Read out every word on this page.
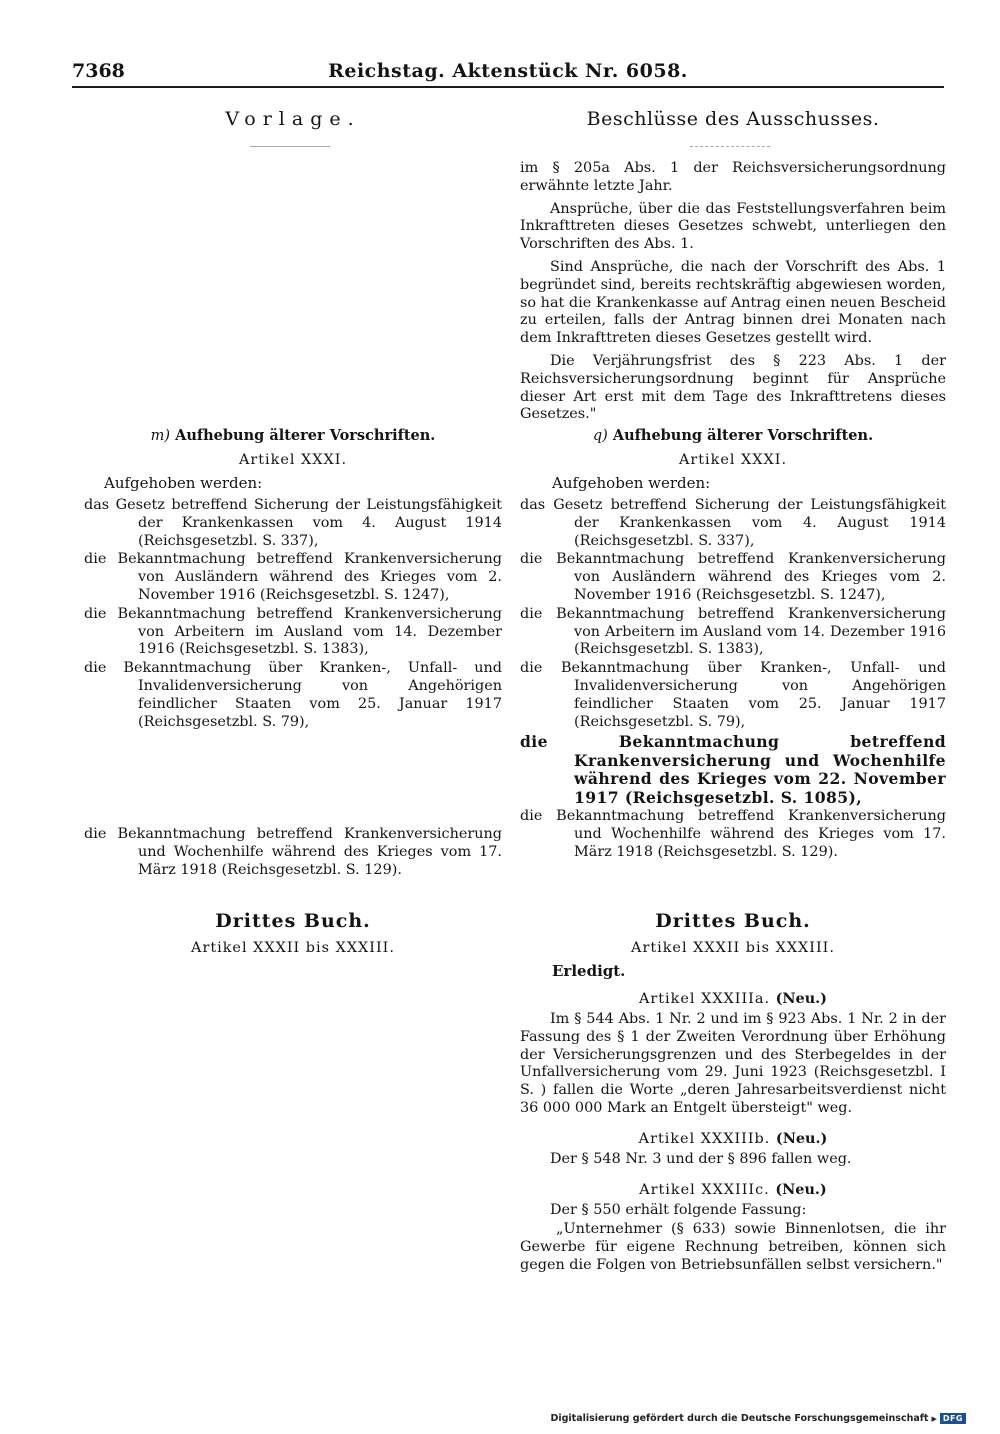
7368	Reichstag. Aktenstück Nr. 6058.
Vorlage.	Beschlüsse des Ausschusses.

im § 205a Abs. 1 der Reichsversicherungsordnung erwähnte letzte Jahr.

Ansprüche, über die das Feststellungsverfahren beim Inkrafttreten dieses Gesetzes schwebt, unterliegen den Vorschriften des Abs. 1.

Sind Ansprüche, die nach der Vorschrift des Abs. 1 begründet sind, bereits rechtskräftig abgewiesen worden, so hat die Krankenkasse auf Antrag einen neuen Bescheid zu erteilen, falls der Antrag binnen drei Monaten nach dem Inkrafttreten dieses Gesetzes gestellt wird.

Die Verjährungsfrist des § 223 Abs. 1 der Reichsversicherungsordnung beginnt für Ansprüche dieser Art erst mit dem Tage des Inkrafttretens dieses Gesetzes."

m) Aufhebung älterer Vorschriften.

Artikel XXXI.

Aufgehoben werden:

das Gesetz betreffend Sicherung der Leistungsfähigkeit der Krankenkassen vom 4. August 1914 (Reichsgesetzbl. S. 337),

die Bekanntmachung betreffend Krankenversicherung von Ausländern während des Krieges vom 2. November 1916 (Reichsgesetzbl. S. 1247),

die Bekanntmachung betreffend Krankenversicherung von Arbeitern im Ausland vom 14. Dezember 1916 (Reichsgesetzbl. S. 1383),

die Bekanntmachung über Kranken-, Unfall- und Invalidenversicherung von Angehörigen feindlicher Staaten vom 25. Januar 1917 (Reichsgesetzbl. S. 79),

die Bekanntmachung betreffend Krankenversicherung und Wochenhilfe während des Krieges vom 17. März 1918 (Reichsgesetzbl. S. 129).

Drittes Buch.

Artikel XXXII bis XXXIII.

q) Aufhebung älterer Vorschriften.

Artikel XXXI.

Aufgehoben werden:

das Gesetz betreffend Sicherung der Leistungsfähigkeit der Krankenkassen vom 4. August 1914 (Reichsgesetzbl. S. 337),

die Bekanntmachung betreffend Krankenversicherung von Ausländern während des Krieges vom 2. November 1916 (Reichsgesetzbl. S. 1247),

die Bekanntmachung betreffend Krankenversicherung von Arbeitern im Ausland vom 14. Dezember 1916 (Reichsgesetzbl. S. 1383),

die Bekanntmachung über Kranken-, Unfall- und Invalidenversicherung von Angehörigen feindlicher Staaten vom 25. Januar 1917 (Reichsgesetzbl. S. 79),

die Bekanntmachung betreffend Krankenversicherung und Wochenhilfe während des Krieges vom 22. November 1917 (Reichsgesetzbl. S. 1085),

die Bekanntmachung betreffend Krankenversicherung und Wochenhilfe während des Krieges vom 17. März 1918 (Reichsgesetzbl. S. 129).

Drittes Buch.

Artikel XXXII bis XXXIII.

Erledigt.

Artikel XXXIIIa. (Neu.)

Im § 544 Abs. 1 Nr. 2 und im § 923 Abs. 1 Nr. 2 in der Fassung des § 1 der Zweiten Verordnung über Erhöhung der Versicherungsgrenzen und des Sterbegeldes in der Unfallversicherung vom 29. Juni 1923 (Reichsgesetzbl. I S. ) fallen die Worte „deren Jahresarbeitsverdienst nicht 36 000 000 Mark an Entgelt übersteigt" weg.

Artikel XXXIIIb. (Neu.)

Der § 548 Nr. 3 und der § 896 fallen weg.

Artikel XXXIIIc. (Neu.)

Der § 550 erhält folgende Fassung:

„Unternehmer (§ 633) sowie Binnenlotsen, die ihr Gewerbe für eigene Rechnung betreiben, können sich gegen die Folgen von Betriebsunfällen selbst versichern."

Digitalisierung gefördert durch die Deutsche Forschungsgemeinschaft ▶ DFG
